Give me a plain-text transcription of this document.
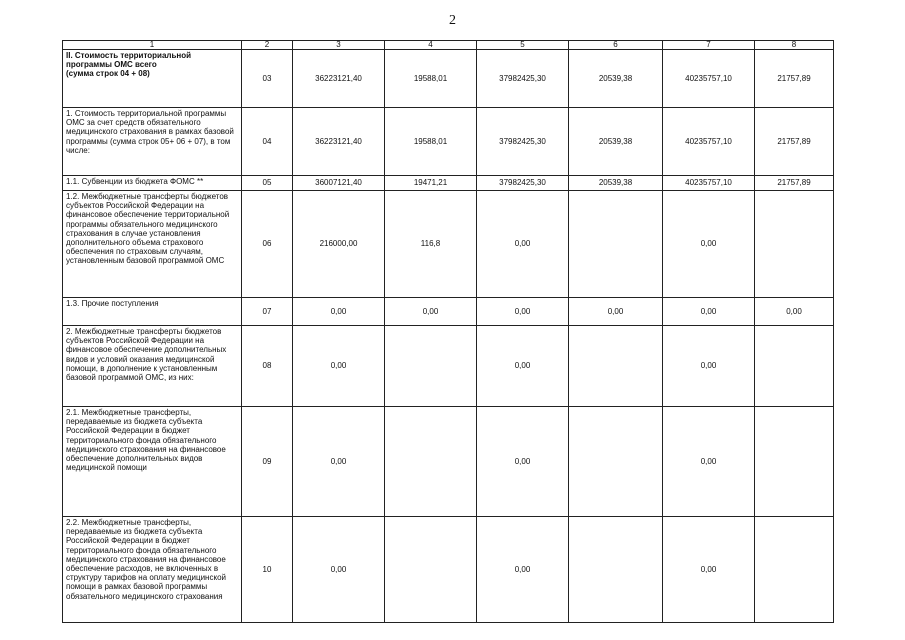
2
1	2	3	4	5	6	7	8
II. Стоимость территориальной программы ОМС всего
(сумма строк 04 + 08)	03	36223121,40	19588,01	37982425,30	20539,38	40235757,10	21757,89
1. Стоимость территориальной программы ОМС за счет средств обязательного медицинского страхования в рамках базовой программы (сумма строк 05+ 06 + 07), в том числе:	04	36223121,40	19588,01	37982425,30	20539,38	40235757,10	21757,89
1.1. Субвенции из бюджета ФОМС **	05	36007121,40	19471,21	37982425,30	20539,38	40235757,10	21757,89
1.2. Межбюджетные трансферты бюджетов субъектов Российской Федерации на финансовое обеспечение территориальной программы обязательного медицинского страхования в случае установления дополнительного объема страхового обеспечения по страховым случаям, установленным базовой программой ОМС	06	216000,00	116,8	0,00		0,00	
1.3. Прочие поступления	07	0,00	0,00	0,00	0,00	0,00	0,00
2. Межбюджетные трансферты бюджетов субъектов Российской Федерации на финансовое обеспечение дополнительных видов и условий оказания медицинской помощи, в дополнение к установленным базовой программой ОМС, из них:	08	0,00		0,00		0,00	
2.1. Межбюджетные трансферты, передаваемые из бюджета субъекта Российской Федерации в бюджет территориального фонда обязательного медицинского страхования на финансовое обеспечение дополнительных видов медицинской помощи	09	0,00		0,00		0,00	
2.2. Межбюджетные трансферты, передаваемые из бюджета субъекта Российской Федерации в бюджет территориального фонда обязательного медицинского страхования на финансовое обеспечение расходов, не включенных в структуру тарифов на оплату медицинской помощи в рамках базовой программы обязательного медицинского страхования	10	0,00		0,00		0,00	
